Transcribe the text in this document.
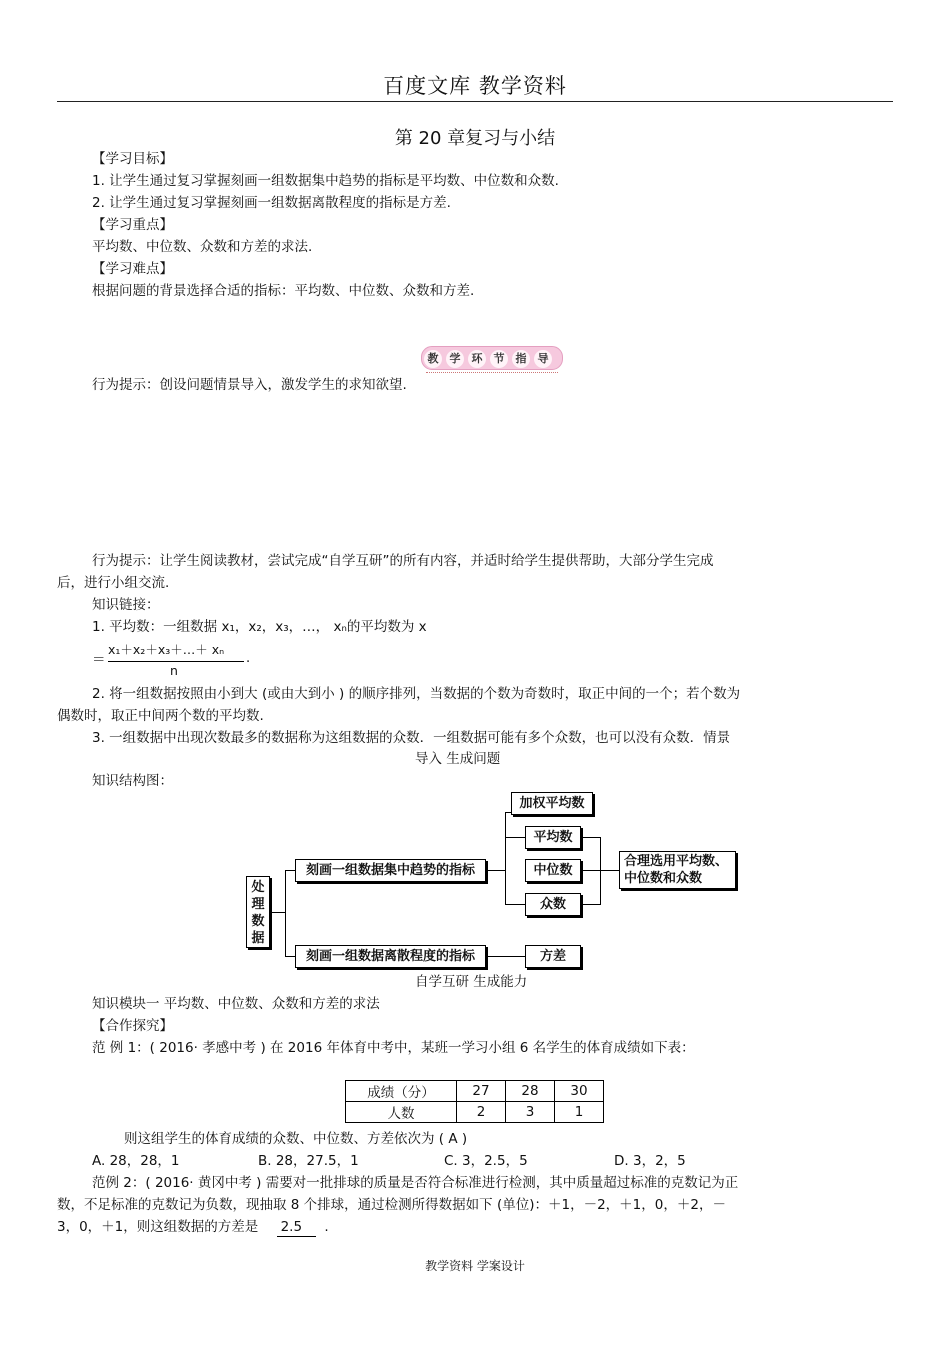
百度文库 教学资料
第 20 章复习与小结
【学习目标】
1. 让学生通过复习掌握刻画一组数据集中趋势的指标是平均数、中位数和众数.
2. 让学生通过复习掌握刻画一组数据离散程度的指标是方差.
【学习重点】
平均数、中位数、众数和方差的求法.
【学习难点】
根据问题的背景选择合适的指标：平均数、中位数、众数和方差.
教 学 环 节 指 导
行为提示：创设问题情景导入，激发学生的求知欲望.
行为提示：让学生阅读教材，尝试完成“自学互研”的所有内容，并适时给学生提供帮助，大部分学生完成
后，进行小组交流.
知识链接：
1. 平均数：一组数据 x₁，x₂，x₃，…， xₙ的平均数为 x
＝
x₁＋x₂＋x₃＋…＋ xₙ
.
n
2. 将一组数据按照由小到大 (或由大到小 ) 的顺序排列，当数据的个数为奇数时，取正中间的一个；若个数为
偶数时，取正中间两个数的平均数.
3. 一组数据中出现次数最多的数据称为这组数据的众数．一组数据可能有多个众数，也可以没有众数．情景
导入 生成问题
知识结构图：
处理数据
刻画一组数据集中趋势的指标
刻画一组数据离散程度的指标
加权平均数
平均数
中位数
众数
方差
合理选用平均数、中位数和众数
自学互研 生成能力
知识模块一 平均数、中位数、众数和方差的求法
【合作探究】
范 例 1：( 2016· 孝感中考 ) 在 2016 年体育中考中，某班一学习小组 6 名学生的体育成绩如下表：
成绩（分）	27	28	30
人数	2	3	1
则这组学生的体育成绩的众数、中位数、方差依次为 ( A )
A. 28，28，1	B. 28，27.5，1	C. 3，2.5，5	D. 3，2，5
范例 2：( 2016· 黄冈中考 ) 需要对一批排球的质量是否符合标准进行检测，其中质量超过标准的克数记为正
数，不足标准的克数记为负数，现抽取 8 个排球，通过检测所得数据如下 (单位)：＋1，－2，＋1，0，＋2，－
3，0，＋1，则这组数据的方差是 2.5 .
教学资料 学案设计
